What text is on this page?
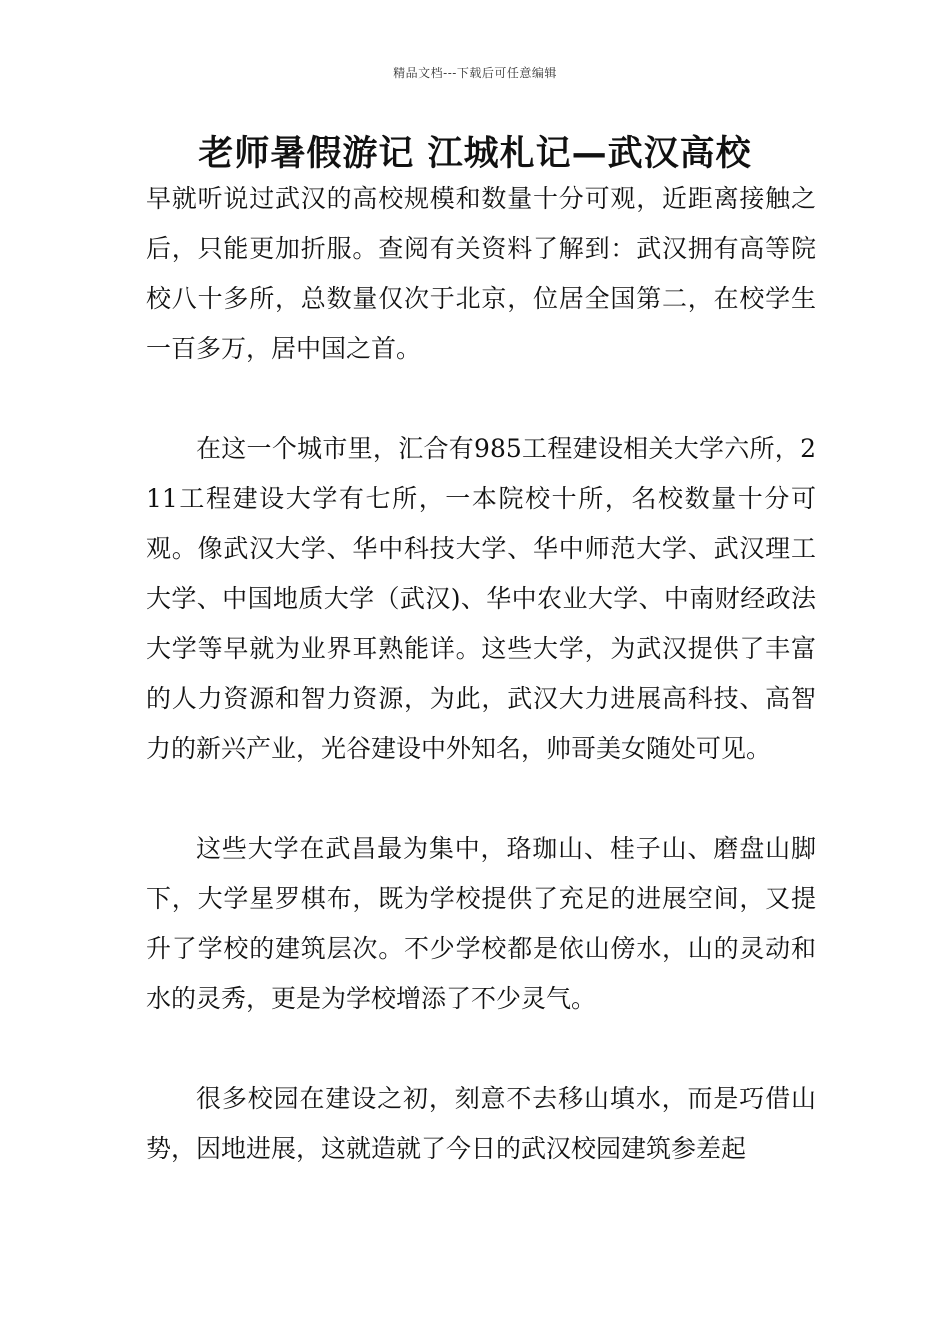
精品文档---下载后可任意编辑
老师暑假游记 江城札记—武汉高校

早就听说过武汉的高校规模和数量十分可观，近距离接触之后，只能更加折服。查阅有关资料了解到：武汉拥有高等院校八十多所，总数量仅次于北京，位居全国第二，在校学生一百多万，居中国之首。

在这一个城市里，汇合有985工程建设相关大学六所，211工程建设大学有七所，一本院校十所，名校数量十分可观。像武汉大学、华中科技大学、华中师范大学、武汉理工大学、中国地质大学（武汉)、华中农业大学、中南财经政法大学等早就为业界耳熟能详。这些大学，为武汉提供了丰富的人力资源和智力资源，为此，武汉大力进展高科技、高智力的新兴产业，光谷建设中外知名，帅哥美女随处可见。

这些大学在武昌最为集中，珞珈山、桂子山、磨盘山脚下，大学星罗棋布，既为学校提供了充足的进展空间，又提升了学校的建筑层次。不少学校都是依山傍水，山的灵动和水的灵秀，更是为学校增添了不少灵气。

很多校园在建设之初，刻意不去移山填水，而是巧借山势，因地进展，这就造就了今日的武汉校园建筑参差起
